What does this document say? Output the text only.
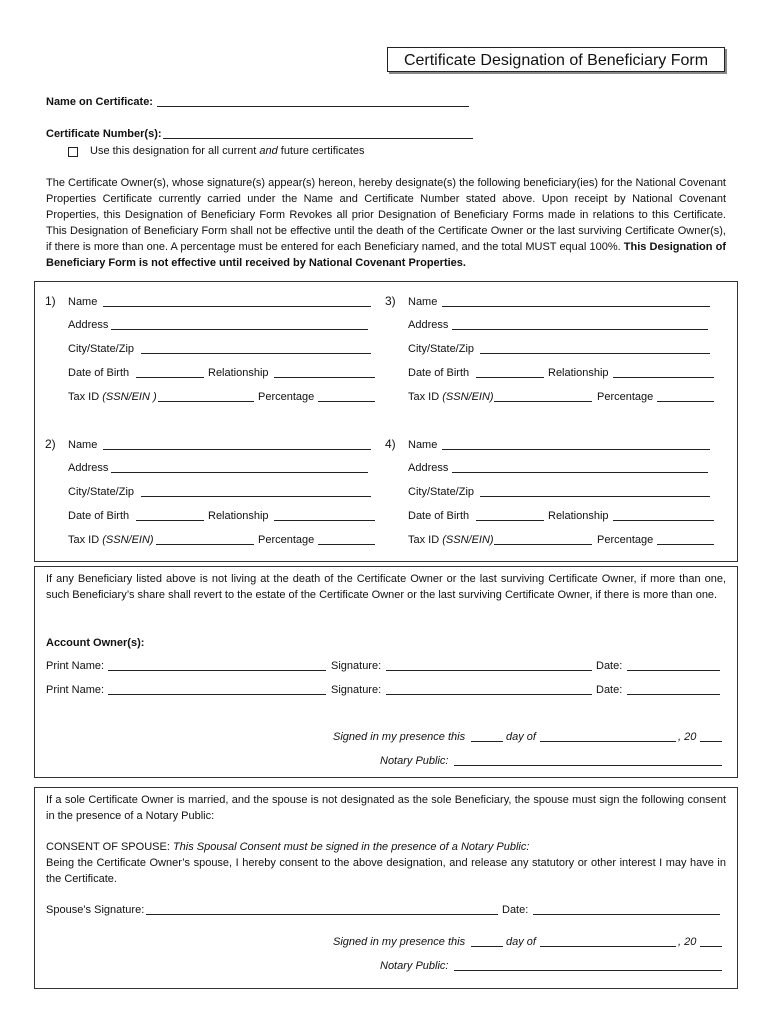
Certificate Designation of Beneficiary Form
Name on Certificate:
Certificate Number(s):
Use this designation for all current and future certificates
The Certificate Owner(s), whose signature(s) appear(s) hereon, hereby designate(s) the following beneficiary(ies) for the National Covenant Properties Certificate currently carried under the Name and Certificate Number stated above. Upon receipt by National Covenant Properties, this Designation of Beneficiary Form Revokes all prior Designation of Beneficiary Forms made in relations to this Certificate. This Designation of Beneficiary Form shall not be effective until the death of the Certificate Owner or the last surviving Certificate Owner(s), if there is more than one. A percentage must be entered for each Beneficiary named, and the total MUST equal 100%. This Designation of Beneficiary Form is not effective until received by National Covenant Properties.
1) Name
Address
City/State/Zip
Date of Birth	Relationship
Tax ID (SSN/EIN )	Percentage
3) Name
Address
City/State/Zip
Date of Birth	Relationship
Tax ID (SSN/EIN)	Percentage
2) Name
Address
City/State/Zip
Date of Birth	Relationship
Tax ID (SSN/EIN)	Percentage
4) Name
Address
City/State/Zip
Date of Birth	Relationship
Tax ID (SSN/EIN)	Percentage
If any Beneficiary listed above is not living at the death of the Certificate Owner or the last surviving Certificate Owner, if more than one, such Beneficiary’s share shall revert to the estate of the Certificate Owner or the last surviving Certificate Owner, if there is more than one.
Account Owner(s):
Print Name:	Signature:	Date:
Print Name:	Signature:	Date:
Signed in my presence this	day of	, 20
Notary Public:
If a sole Certificate Owner is married, and the spouse is not designated as the sole Beneficiary, the spouse must sign the following consent in the presence of a Notary Public:
CONSENT OF SPOUSE: This Spousal Consent must be signed in the presence of a Notary Public:
Being the Certificate Owner’s spouse, I hereby consent to the above designation, and release any statutory or other interest I may have in the Certificate.
Spouse’s Signature:	Date:
Signed in my presence this	day of	, 20
Notary Public:
